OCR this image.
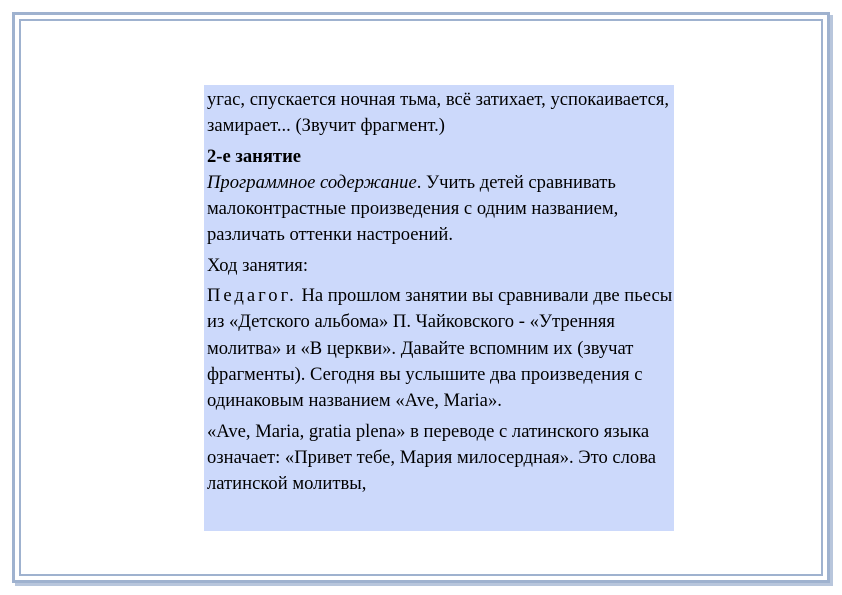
угас, спускается ночная тьма, всё затихает, успокаивается, замирает... (Звучит фрагмент.)

2-е занятие

Программное содержание. Учить детей сравнивать малоконтрастные произведения с одним названием, различать оттенки настроений.

Ход занятия:

Педагог. На прошлом занятии вы сравнивали две пьесы из «Детского альбома» П. Чайковского - «Утренняя молитва» и «В церкви». Давайте вспомним их (звучат фрагменты). Сегодня вы услышите два произведения с одинаковым названием «Ave, Maria».

«Ave, Maria, gratia plena» в переводе с латинского языка означает: «Привет тебе, Мария милосердная». Это слова латинской молитвы,
